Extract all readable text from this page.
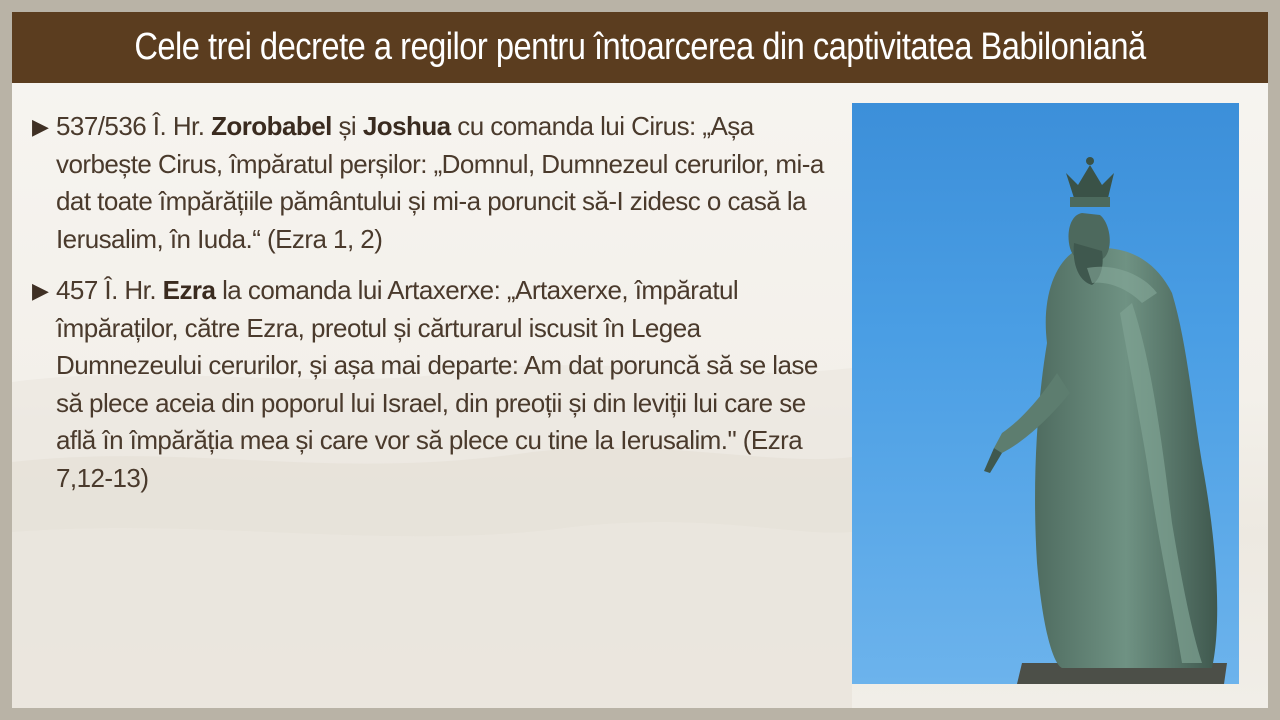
Cele trei decrete a regilor pentru întoarcerea din captivitatea Babiloniană

▶ 537/536 Î. Hr. Zorobabel și Joshua cu comanda lui Cirus: „Așa vorbește Cirus, împăratul perșilor: „Domnul, Dumnezeul cerurilor, mi-a dat toate împărățiile pământului și mi-a poruncit să-I zidesc o casă la Ierusalim, în Iuda.“ (Ezra 1, 2)

▶ 457 Î. Hr. Ezra la comanda lui Artaxerxe: „Artaxerxe, împăratul împăraților, către Ezra, preotul și cărturarul iscusit în Legea Dumnezeului cerurilor, și așa mai departe: Am dat poruncă să se lase să plece aceia din poporul lui Israel, din preoții și din leviții lui care se află în împărăția mea și care vor să plece cu tine la Ierusalim." (Ezra 7,12-13)
